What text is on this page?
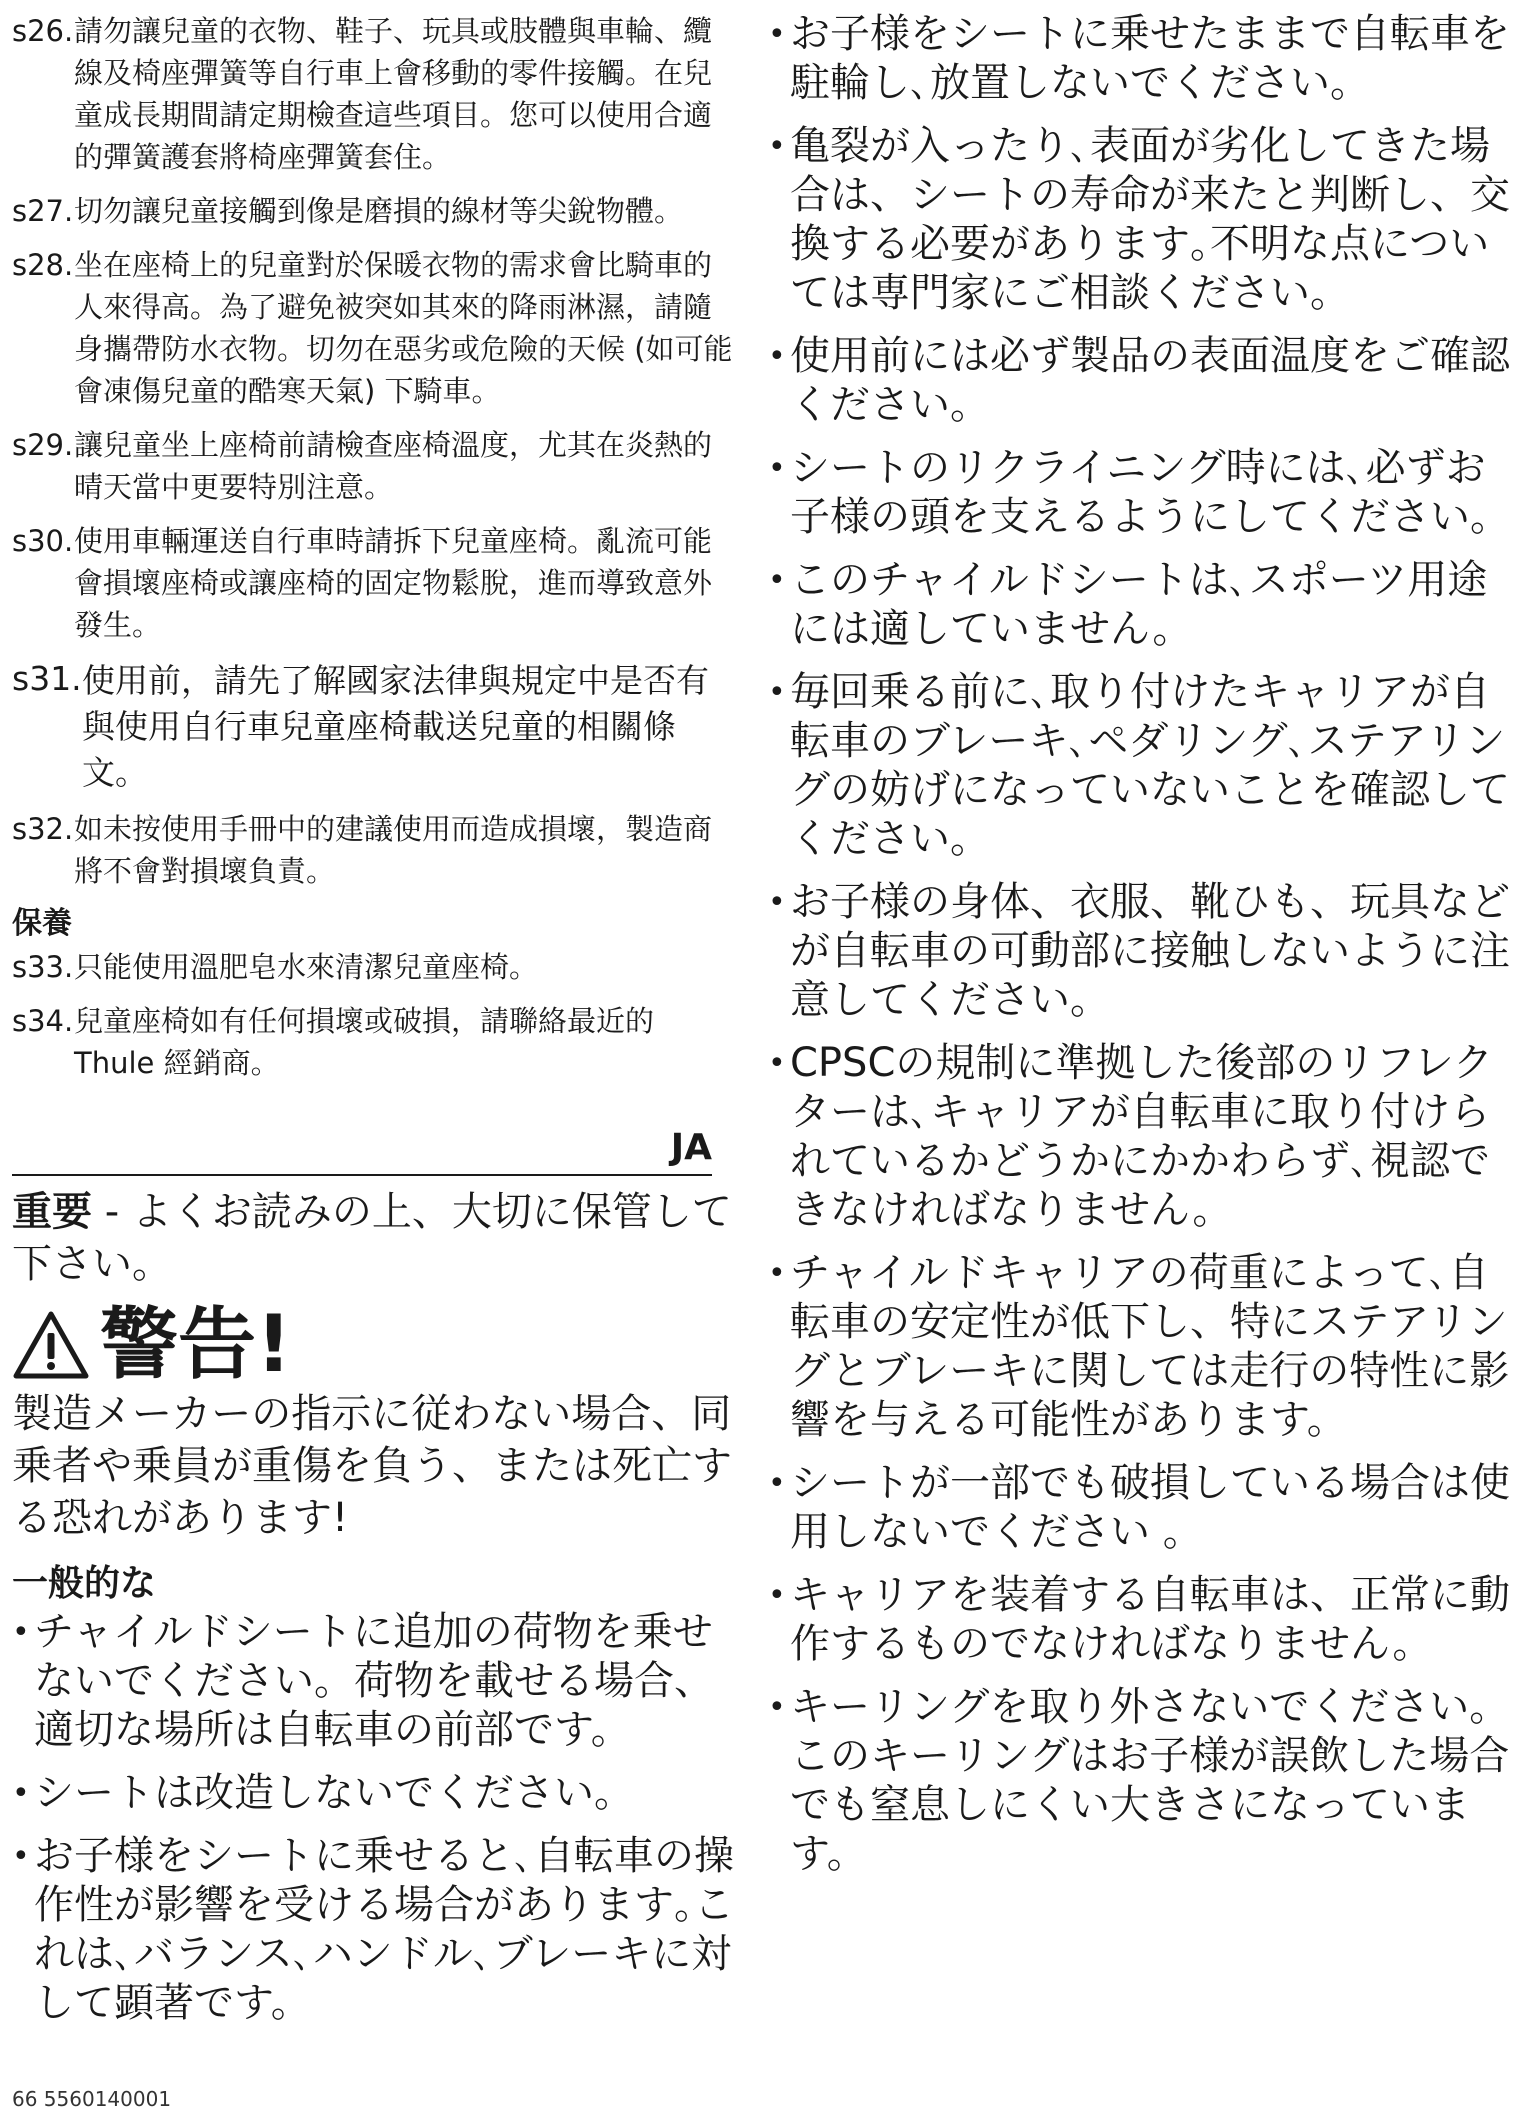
s26. 請勿讓兒童的衣物、鞋子、玩具或肢體與車輪、纜線及椅座彈簧等自行車上會移動的零件接觸。在兒童成長期間請定期檢查這些項目。您可以使用合適的彈簧護套將椅座彈簧套住。
s27. 切勿讓兒童接觸到像是磨損的線材等尖銳物體。
s28. 坐在座椅上的兒童對於保暖衣物的需求會比騎車的人來得高。為了避免被突如其來的降雨淋濕，請隨身攜帶防水衣物。切勿在惡劣或危險的天候 (如可能會凍傷兒童的酷寒天氣) 下騎車。
s29. 讓兒童坐上座椅前請檢查座椅溫度，尤其在炎熱的晴天當中更要特別注意。
s30. 使用車輛運送自行車時請拆下兒童座椅。亂流可能會損壞座椅或讓座椅的固定物鬆脫，進而導致意外發生。
s31. 使用前，請先了解國家法律與規定中是否有與使用自行車兒童座椅載送兒童的相關條文。
s32. 如未按使用手冊中的建議使用而造成損壞，製造商將不會對損壞負責。
保養
s33. 只能使用溫肥皂水來清潔兒童座椅。
s34. 兒童座椅如有任何損壞或破損，請聯絡最近的 Thule 經銷商。
JA
重要 - よくお読みの上、大切に保管して下さい。
警告!
製造メーカーの指示に従わない場合、同乗者や乗員が重傷を負う、または死亡する恐れがあります!
一般的な
• チャイルドシートに追加の荷物を乗せないでください。荷物を載せる場合、適切な場所は自転車の前部です。
• シートは改造しないでください。
• お子様をシートに乗せると､自転車の操作性が影響を受ける場合があります｡これは､バランス､ハンドル､ブレーキに対して顕著です。
• お子様をシートに乗せたままで自転車を駐輪し､放置しないでください。
• 亀裂が入ったり､表面が劣化してきた場合は、シートの寿命が来たと判断し、交換する必要があります｡不明な点については専門家にご相談ください。
• 使用前には必ず製品の表面温度をご確認ください｡
• シートのリクライニング時には､必ずお子様の頭を支えるようにしてください。
• このチャイルドシートは､スポーツ用途には適していません。
• 毎回乗る前に､取り付けたキャリアが自転車のブレーキ､ペダリング､ステアリングの妨げになっていないことを確認してください。
• お子様の身体、衣服、靴ひも、玩具などが自転車の可動部に接触しないように注意してください。
• CPSCの規制に準拠した後部のリフレクターは､キャリアが自転車に取り付けられているかどうかにかかわらず､視認できなければなりません。
• チャイルドキャリアの荷重によって､自転車の安定性が低下し、特にステアリングとブレーキに関しては走行の特性に影響を与える可能性があります。
• シートが一部でも破損している場合は使用しないでください 。
• キャリアを装着する自転車は、正常に動作するものでなければなりません。
• キーリングを取り外さないでください｡このキーリングはお子様が誤飲した場合でも窒息しにくい大きさになっています。
66 5560140001
